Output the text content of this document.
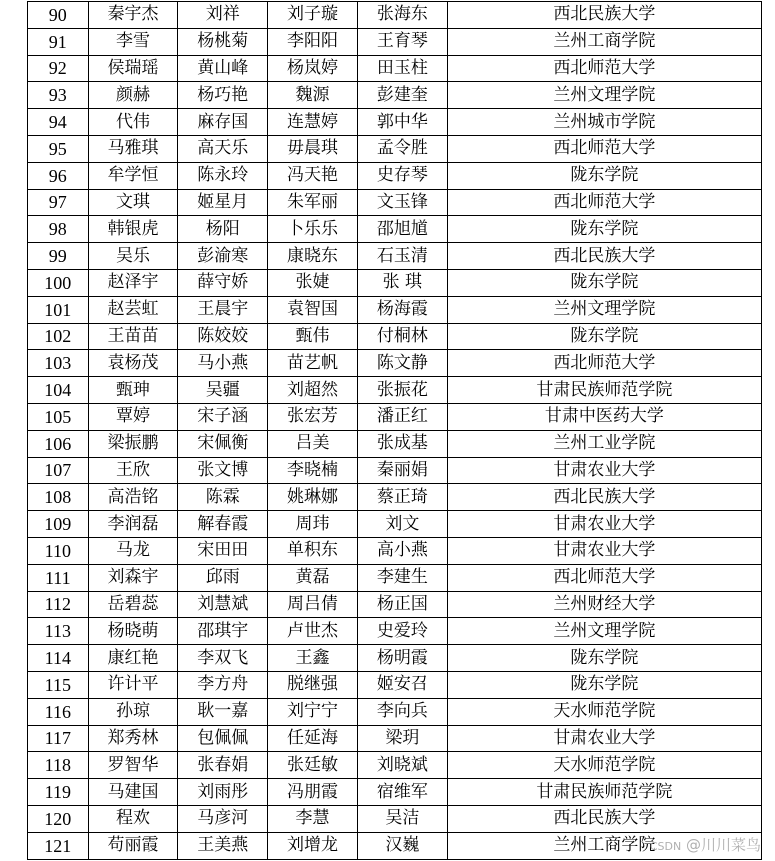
90	秦宇杰	刘祥	刘子璇	张海东	西北民族大学
91	李雪	杨桃菊	李阳阳	王育琴	兰州工商学院
92	侯瑞瑶	黄山峰	杨岚婷	田玉柱	西北师范大学
93	颜赫	杨巧艳	魏源	彭建奎	兰州文理学院
94	代伟	麻存国	连慧婷	郭中华	兰州城市学院
95	马雅琪	高天乐	毋晨琪	孟令胜	西北师范大学
96	牟学恒	陈永玲	冯天艳	史存琴	陇东学院
97	文琪	姬星月	朱军丽	文玉锋	西北师范大学
98	韩银虎	杨阳	卜乐乐	邵旭馗	陇东学院
99	吴乐	彭渝寒	康晓东	石玉清	西北民族大学
100	赵泽宇	薛守娇	张婕	张 琪	陇东学院
101	赵芸虹	王晨宇	袁智国	杨海霞	兰州文理学院
102	王苗苗	陈姣姣	甄伟	付桐林	陇东学院
103	袁杨茂	马小燕	苗艺帆	陈文静	西北师范大学
104	甄珅	吴疆	刘超然	张振花	甘肃民族师范学院
105	覃婷	宋子涵	张宏芳	潘正红	甘肃中医药大学
106	梁振鹏	宋佩衡	吕美	张成基	兰州工业学院
107	王欣	张文博	李晓楠	秦丽娟	甘肃农业大学
108	高浩铭	陈霖	姚琳娜	蔡正琦	西北民族大学
109	李润磊	解春霞	周玮	刘文	甘肃农业大学
110	马龙	宋田田	单积东	高小燕	甘肃农业大学
111	刘森宇	邱雨	黄磊	李建生	西北师范大学
112	岳碧蕊	刘慧斌	周吕倩	杨正国	兰州财经大学
113	杨晓萌	邵琪宇	卢世杰	史爱玲	兰州文理学院
114	康红艳	李双飞	王鑫	杨明霞	陇东学院
115	许计平	李方舟	脱继强	姬安召	陇东学院
116	孙琼	耿一嘉	刘宁宁	李向兵	天水师范学院
117	郑秀林	包佩佩	任延海	梁玥	甘肃农业大学
118	罗智华	张春娟	张廷敏	刘晓斌	天水师范学院
119	马建国	刘雨彤	冯朋霞	宿维军	甘肃民族师范学院
120	程欢	马彦河	李慧	吴洁	西北民族大学
121	苟丽霞	王美燕	刘增龙	汉巍	兰州工商学院
CSDN @川川菜鸟
